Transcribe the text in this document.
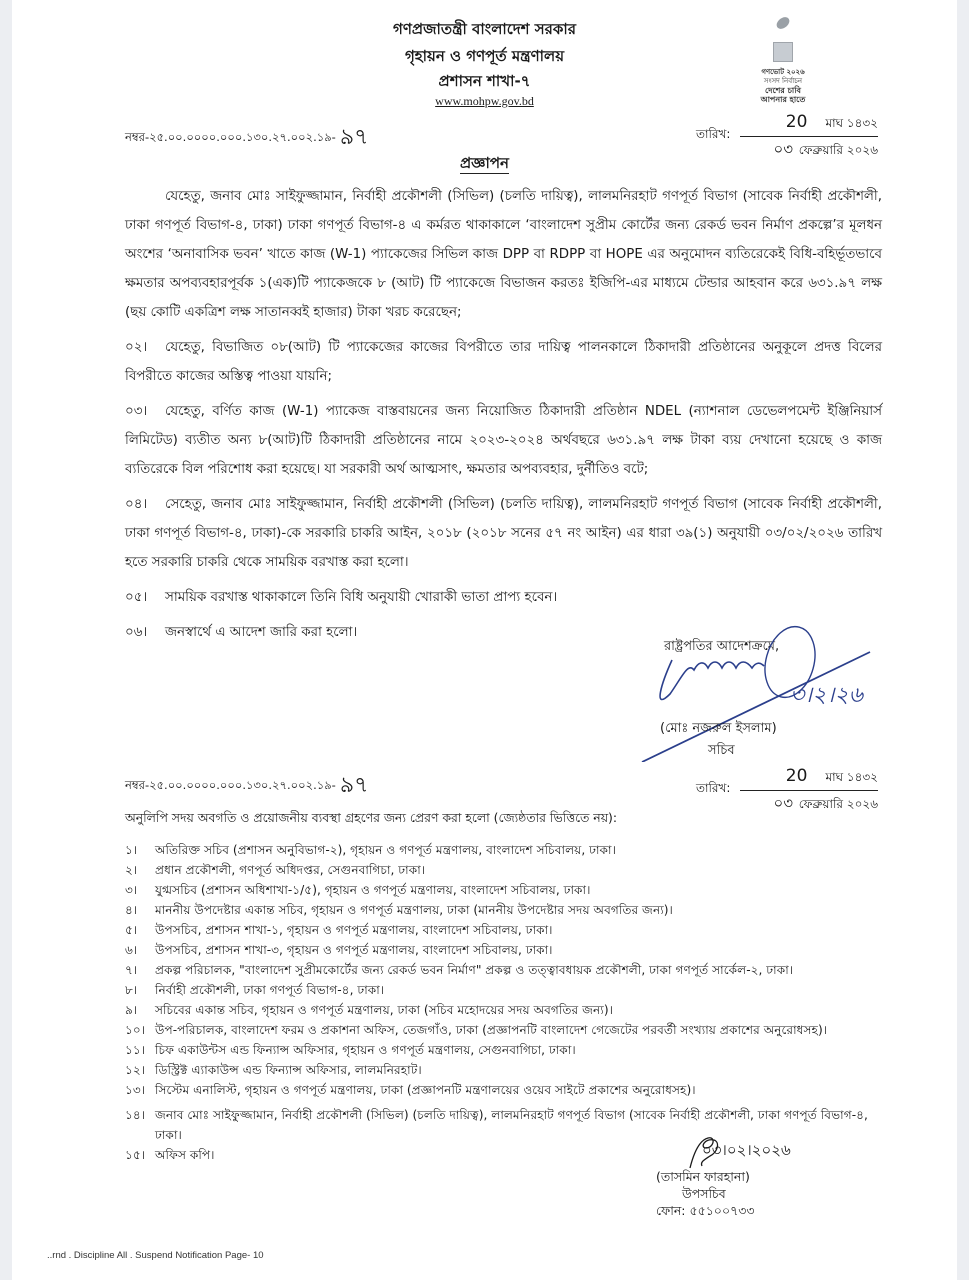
গণপ্রজাতন্ত্রী বাংলাদেশ সরকার
গৃহায়ন ও গণপূর্ত মন্ত্রণালয়
প্রশাসন শাখা-৭
www.mohpw.gov.bd
গণভোট ২০২৬
সংসদ নির্বাচন
দেশের চাবি
আপনার হাতে
নম্বর-২৫.০০.০০০০.০০০.১৩০.২৭.০০২.১৯- ৯৭	তারিখ:
20 মাঘ ১৪৩২
০৩ ফেব্রুয়ারি ২০২৬
প্রজ্ঞাপন

যেহেতু, জনাব মোঃ সাইফুজ্জামান, নির্বাহী প্রকৌশলী (সিভিল) (চলতি দায়িত্ব), লালমনিরহাট গণপূর্ত বিভাগ (সাবেক নির্বাহী প্রকৌশলী, ঢাকা গণপূর্ত বিভাগ-৪, ঢাকা) ঢাকা গণপূর্ত বিভাগ-৪ এ কর্মরত থাকাকালে ‘বাংলাদেশ সুপ্রীম কোর্টের জন্য রেকর্ড ভবন নির্মাণ প্রকল্পে’র মূলধন অংশের ‘অনাবাসিক ভবন’ খাতে কাজ (W-1) প্যাকেজের সিভিল কাজ DPP বা RDPP বা HOPE এর অনুমোদন ব্যতিরেকেই বিধি-বহির্ভূতভাবে ক্ষমতার অপব্যবহারপূর্বক ১(এক)টি প্যাকেজকে ৮ (আট) টি প্যাকেজে বিভাজন করতঃ ইজিপি-এর মাধ্যমে টেন্ডার আহবান করে ৬৩১.৯৭ লক্ষ (ছয় কোটি একত্রিশ লক্ষ সাতানব্বই হাজার) টাকা খরচ করেছেন;

০২। যেহেতু, বিভাজিত ০৮(আট) টি প্যাকেজের কাজের বিপরীতে তার দায়িত্ব পালনকালে ঠিকাদারী প্রতিষ্ঠানের অনুকূলে প্রদত্ত বিলের বিপরীতে কাজের অস্তিত্ব পাওয়া যায়নি;

০৩। যেহেতু, বর্ণিত কাজ (W-1) প্যাকেজ বাস্তবায়নের জন্য নিয়োজিত ঠিকাদারী প্রতিষ্ঠান NDEL (ন্যাশনাল ডেভেলপমেন্ট ইঞ্জিনিয়ার্স লিমিটেড) ব্যতীত অন্য ৮(আট)টি ঠিকাদারী প্রতিষ্ঠানের নামে ২০২৩-২০২৪ অর্থবছরে ৬৩১.৯৭ লক্ষ টাকা ব্যয় দেখানো হয়েছে ও কাজ ব্যতিরেকে বিল পরিশোধ করা হয়েছে। যা সরকারী অর্থ আত্মসাৎ, ক্ষমতার অপব্যবহার, দুর্নীতিও বটে;

০৪। সেহেতু, জনাব মোঃ সাইফুজ্জামান, নির্বাহী প্রকৌশলী (সিভিল) (চলতি দায়িত্ব), লালমনিরহাট গণপূর্ত বিভাগ (সাবেক নির্বাহী প্রকৌশলী, ঢাকা গণপূর্ত বিভাগ-৪, ঢাকা)-কে সরকারি চাকরি আইন, ২০১৮ (২০১৮ সনের ৫৭ নং আইন) এর ধারা ৩৯(১) অনুযায়ী ০৩/০২/২০২৬ তারিখ হতে সরকারি চাকরি থেকে সাময়িক বরখাস্ত করা হলো।

০৫। সাময়িক বরখাস্ত থাকাকালে তিনি বিধি অনুযায়ী খোরাকী ভাতা প্রাপ্য হবেন।

০৬। জনস্বার্থে এ আদেশ জারি করা হলো।

রাষ্ট্রপতির আদেশক্রমে,
৩।২।২৬
(মোঃ নজরুল ইসলাম)
সচিব
নম্বর-২৫.০০.০০০০.০০০.১৩০.২৭.০০২.১৯- ৯৭	তারিখ:
20 মাঘ ১৪৩২
০৩ ফেব্রুয়ারি ২০২৬
অনুলিপি সদয় অবগতি ও প্রয়োজনীয় ব্যবস্থা গ্রহণের জন্য প্রেরণ করা হলো (জ্যেষ্ঠতার ভিত্তিতে নয়):
১। অতিরিক্ত সচিব (প্রশাসন অনুবিভাগ-২), গৃহায়ন ও গণপূর্ত মন্ত্রণালয়, বাংলাদেশ সচিবালয়, ঢাকা।
২। প্রধান প্রকৌশলী, গণপূর্ত অধিদপ্তর, সেগুনবাগিচা, ঢাকা।
৩। যুগ্মসচিব (প্রশাসন অধিশাখা-১/৫), গৃহায়ন ও গণপূর্ত মন্ত্রণালয়, বাংলাদেশ সচিবালয়, ঢাকা।
৪। মাননীয় উপদেষ্টার একান্ত সচিব, গৃহায়ন ও গণপূর্ত মন্ত্রণালয়, ঢাকা (মাননীয় উপদেষ্টার সদয় অবগতির জন্য)।
৫। উপসচিব, প্রশাসন শাখা-১, গৃহায়ন ও গণপূর্ত মন্ত্রণালয়, বাংলাদেশ সচিবালয়, ঢাকা।
৬। উপসচিব, প্রশাসন শাখা-৩, গৃহায়ন ও গণপূর্ত মন্ত্রণালয়, বাংলাদেশ সচিবালয়, ঢাকা।
৭। প্রকল্প পরিচালক, "বাংলাদেশ সুপ্রীমকোর্টের জন্য রেকর্ড ভবন নির্মাণ" প্রকল্প ও তত্ত্বাবধায়ক প্রকৌশলী, ঢাকা গণপূর্ত সার্কেল-২, ঢাকা।
৮। নির্বাহী প্রকৌশলী, ঢাকা গণপূর্ত বিভাগ-৪, ঢাকা।
৯। সচিবের একান্ত সচিব, গৃহায়ন ও গণপূর্ত মন্ত্রণালয়, ঢাকা (সচিব মহোদয়ের সদয় অবগতির জন্য)।
১০। উপ-পরিচালক, বাংলাদেশ ফরম ও প্রকাশনা অফিস, তেজগাঁও, ঢাকা (প্রজ্ঞাপনটি বাংলাদেশ গেজেটের পরবর্তী সংখ্যায় প্রকাশের অনুরোধসহ)।
১১। চিফ একাউন্টস এন্ড ফিন্যান্স অফিসার, গৃহায়ন ও গণপূর্ত মন্ত্রণালয়, সেগুনবাগিচা, ঢাকা।
১২। ডিস্ট্রিক্ট এ্যাকাউন্স এন্ড ফিন্যান্স অফিসার, লালমনিরহাট।
১৩। সিস্টেম এনালিস্ট, গৃহায়ন ও গণপূর্ত মন্ত্রণালয়, ঢাকা (প্রজ্ঞাপনটি মন্ত্রণালয়ের ওয়েব সাইটে প্রকাশের অনুরোধসহ)।
১৪। জনাব মোঃ সাইফুজ্জামান, নির্বাহী প্রকৌশলী (সিভিল) (চলতি দায়িত্ব), লালমনিরহাট গণপূর্ত বিভাগ (সাবেক নির্বাহী প্রকৌশলী, ঢাকা গণপূর্ত বিভাগ-৪, ঢাকা।
১৫। অফিস কপি।	০৩।০২।২০২৬
(তাসমিন ফারহানা)
উপসচিব
ফোন: ৫৫১০০৭৩৩
..rnd . Discipline All . Suspend Notification Page- 10
